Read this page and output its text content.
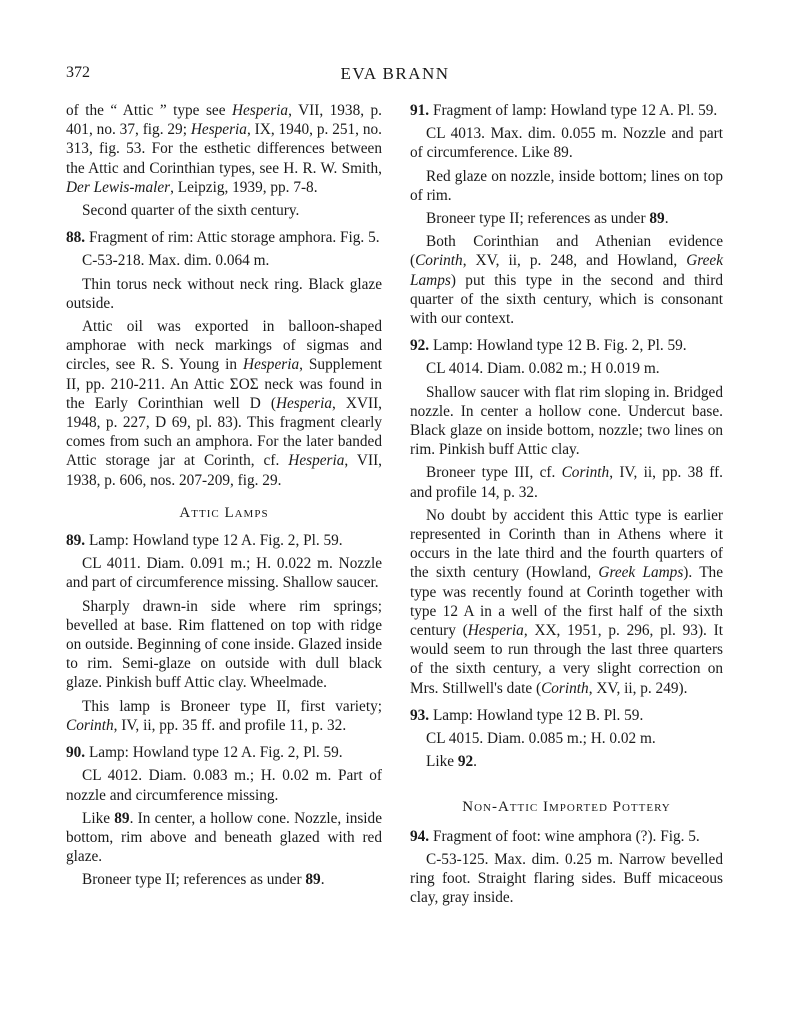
372	EVA BRANN

of the “ Attic ” type see Hesperia, VII, 1938, p. 401, no. 37, fig. 29; Hesperia, IX, 1940, p. 251, no. 313, fig. 53. For the esthetic differences between the Attic and Corinthian types, see H. R. W. Smith, Der Lewis-maler, Leipzig, 1939, pp. 7-8.

Second quarter of the sixth century.

88. Fragment of rim: Attic storage amphora. Fig. 5.

C-53-218. Max. dim. 0.064 m.

Thin torus neck without neck ring. Black glaze outside.

Attic oil was exported in balloon-shaped amphorae with neck markings of sigmas and circles, see R. S. Young in Hesperia, Supplement II, pp. 210-211. An Attic ΣOΣ neck was found in the Early Corinthian well D (Hesperia, XVII, 1948, p. 227, D 69, pl. 83). This fragment clearly comes from such an amphora. For the later banded Attic storage jar at Corinth, cf. Hesperia, VII, 1938, p. 606, nos. 207-209, fig. 29.

Attic Lamps

89. Lamp: Howland type 12 A. Fig. 2, Pl. 59.

CL 4011. Diam. 0.091 m.; H. 0.022 m. Nozzle and part of circumference missing. Shallow saucer.

Sharply drawn-in side where rim springs; bevelled at base. Rim flattened on top with ridge on outside. Beginning of cone inside. Glazed inside to rim. Semi-glaze on outside with dull black glaze. Pinkish buff Attic clay. Wheelmade.

This lamp is Broneer type II, first variety; Corinth, IV, ii, pp. 35 ff. and profile 11, p. 32.

90. Lamp: Howland type 12 A. Fig. 2, Pl. 59.

CL 4012. Diam. 0.083 m.; H. 0.02 m. Part of nozzle and circumference missing.

Like 89. In center, a hollow cone. Nozzle, inside bottom, rim above and beneath glazed with red glaze.

Broneer type II; references as under 89.

91. Fragment of lamp: Howland type 12 A. Pl. 59.

CL 4013. Max. dim. 0.055 m. Nozzle and part of circumference. Like 89.

Red glaze on nozzle, inside bottom; lines on top of rim.

Broneer type II; references as under 89.

Both Corinthian and Athenian evidence (Corinth, XV, ii, p. 248, and Howland, Greek Lamps) put this type in the second and third quarter of the sixth century, which is consonant with our context.

92. Lamp: Howland type 12 B. Fig. 2, Pl. 59.

CL 4014. Diam. 0.082 m.; H 0.019 m.

Shallow saucer with flat rim sloping in. Bridged nozzle. In center a hollow cone. Undercut base. Black glaze on inside bottom, nozzle; two lines on rim. Pinkish buff Attic clay.

Broneer type III, cf. Corinth, IV, ii, pp. 38 ff. and profile 14, p. 32.

No doubt by accident this Attic type is earlier represented in Corinth than in Athens where it occurs in the late third and the fourth quarters of the sixth century (Howland, Greek Lamps). The type was recently found at Corinth together with type 12 A in a well of the first half of the sixth century (Hesperia, XX, 1951, p. 296, pl. 93). It would seem to run through the last three quarters of the sixth century, a very slight correction on Mrs. Stillwell's date (Corinth, XV, ii, p. 249).

93. Lamp: Howland type 12 B. Pl. 59.

CL 4015. Diam. 0.085 m.; H. 0.02 m.

Like 92.

Non-Attic Imported Pottery

94. Fragment of foot: wine amphora (?). Fig. 5.

C-53-125. Max. dim. 0.25 m. Narrow bevelled ring foot. Straight flaring sides. Buff micaceous clay, gray inside.
